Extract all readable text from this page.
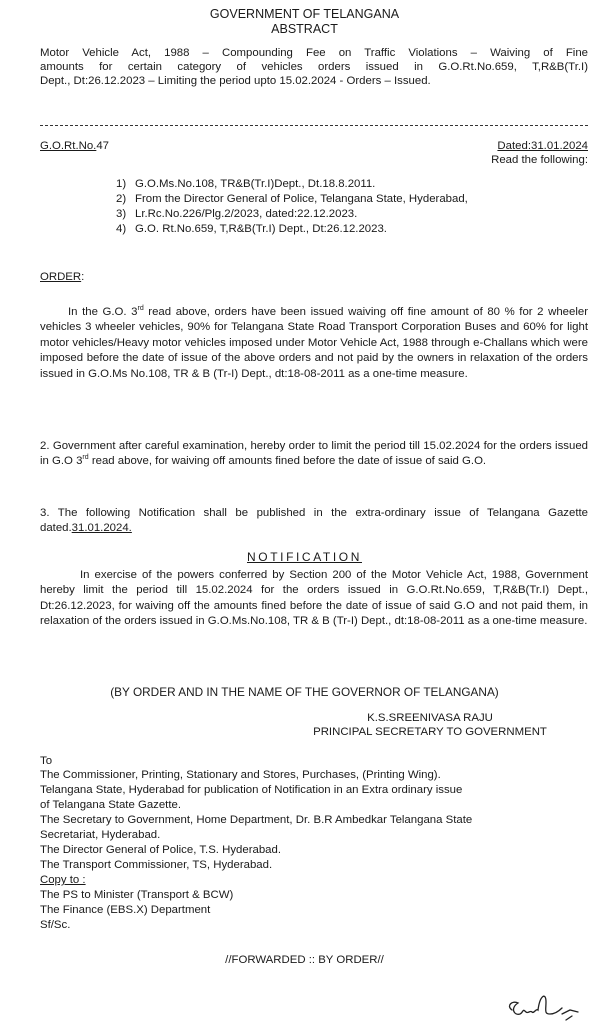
GOVERNMENT OF TELANGANA
ABSTRACT
Motor Vehicle Act, 1988 – Compounding Fee on Traffic Violations – Waiving of Fine
amounts for certain category of vehicles orders issued in G.O.Rt.No.659, T,R&B(Tr.I)
Dept., Dt:26.12.2023 – Limiting the period upto 15.02.2024 - Orders – Issued.
G.O.Rt.No.47	Dated:31.01.2024
Read the following:
1) G.O.Ms.No.108, TR&B(Tr.I)Dept., Dt.18.8.2011.
2) From the Director General of Police, Telangana State, Hyderabad,
3) Lr.Rc.No.226/Plg.2/2023, dated:22.12.2023.
4) G.O. Rt.No.659, T,R&B(Tr.I) Dept., Dt:26.12.2023.
ORDER:
In the G.O. 3rd read above, orders have been issued waiving off fine amount of 80 % for 2 wheeler vehicles 3 wheeler vehicles, 90% for Telangana State Road Transport Corporation Buses and 60% for light motor vehicles/Heavy motor vehicles imposed under Motor Vehicle Act, 1988 through e-Challans which were imposed before the date of issue of the above orders and not paid by the owners in relaxation of the orders issued in G.O.Ms No.108, TR & B (Tr-I) Dept., dt:18-08-2011 as a one-time measure.
2. Government after careful examination, hereby order to limit the period till 15.02.2024 for the orders issued in G.O 3rd read above, for waiving off amounts fined before the date of issue of said G.O.
3. The following Notification shall be published in the extra-ordinary issue of Telangana Gazette dated.31.01.2024.
NOTIFICATION
In exercise of the powers conferred by Section 200 of the Motor Vehicle Act, 1988, Government hereby limit the period till 15.02.2024 for the orders issued in G.O.Rt.No.659, T,R&B(Tr.I) Dept., Dt:26.12.2023, for waiving off the amounts fined before the date of issue of said G.O and not paid them, in relaxation of the orders issued in G.O.Ms.No.108, TR & B (Tr-I) Dept., dt:18-08-2011 as a one-time measure.
(BY ORDER AND IN THE NAME OF THE GOVERNOR OF TELANGANA)
K.S.SREENIVASA RAJU
PRINCIPAL SECRETARY TO GOVERNMENT
To
The Commissioner, Printing, Stationary and Stores, Purchases, (Printing Wing).
Telangana State, Hyderabad for publication of Notification in an Extra ordinary issue
of Telangana State Gazette.
The Secretary to Government, Home Department, Dr. B.R Ambedkar Telangana State
Secretariat, Hyderabad.
The Director General of Police, T.S. Hyderabad.
The Transport Commissioner, TS, Hyderabad.
Copy to :
The PS to Minister (Transport & BCW)
The Finance (EBS.X) Department
Sf/Sc.
//FORWARDED :: BY ORDER//
